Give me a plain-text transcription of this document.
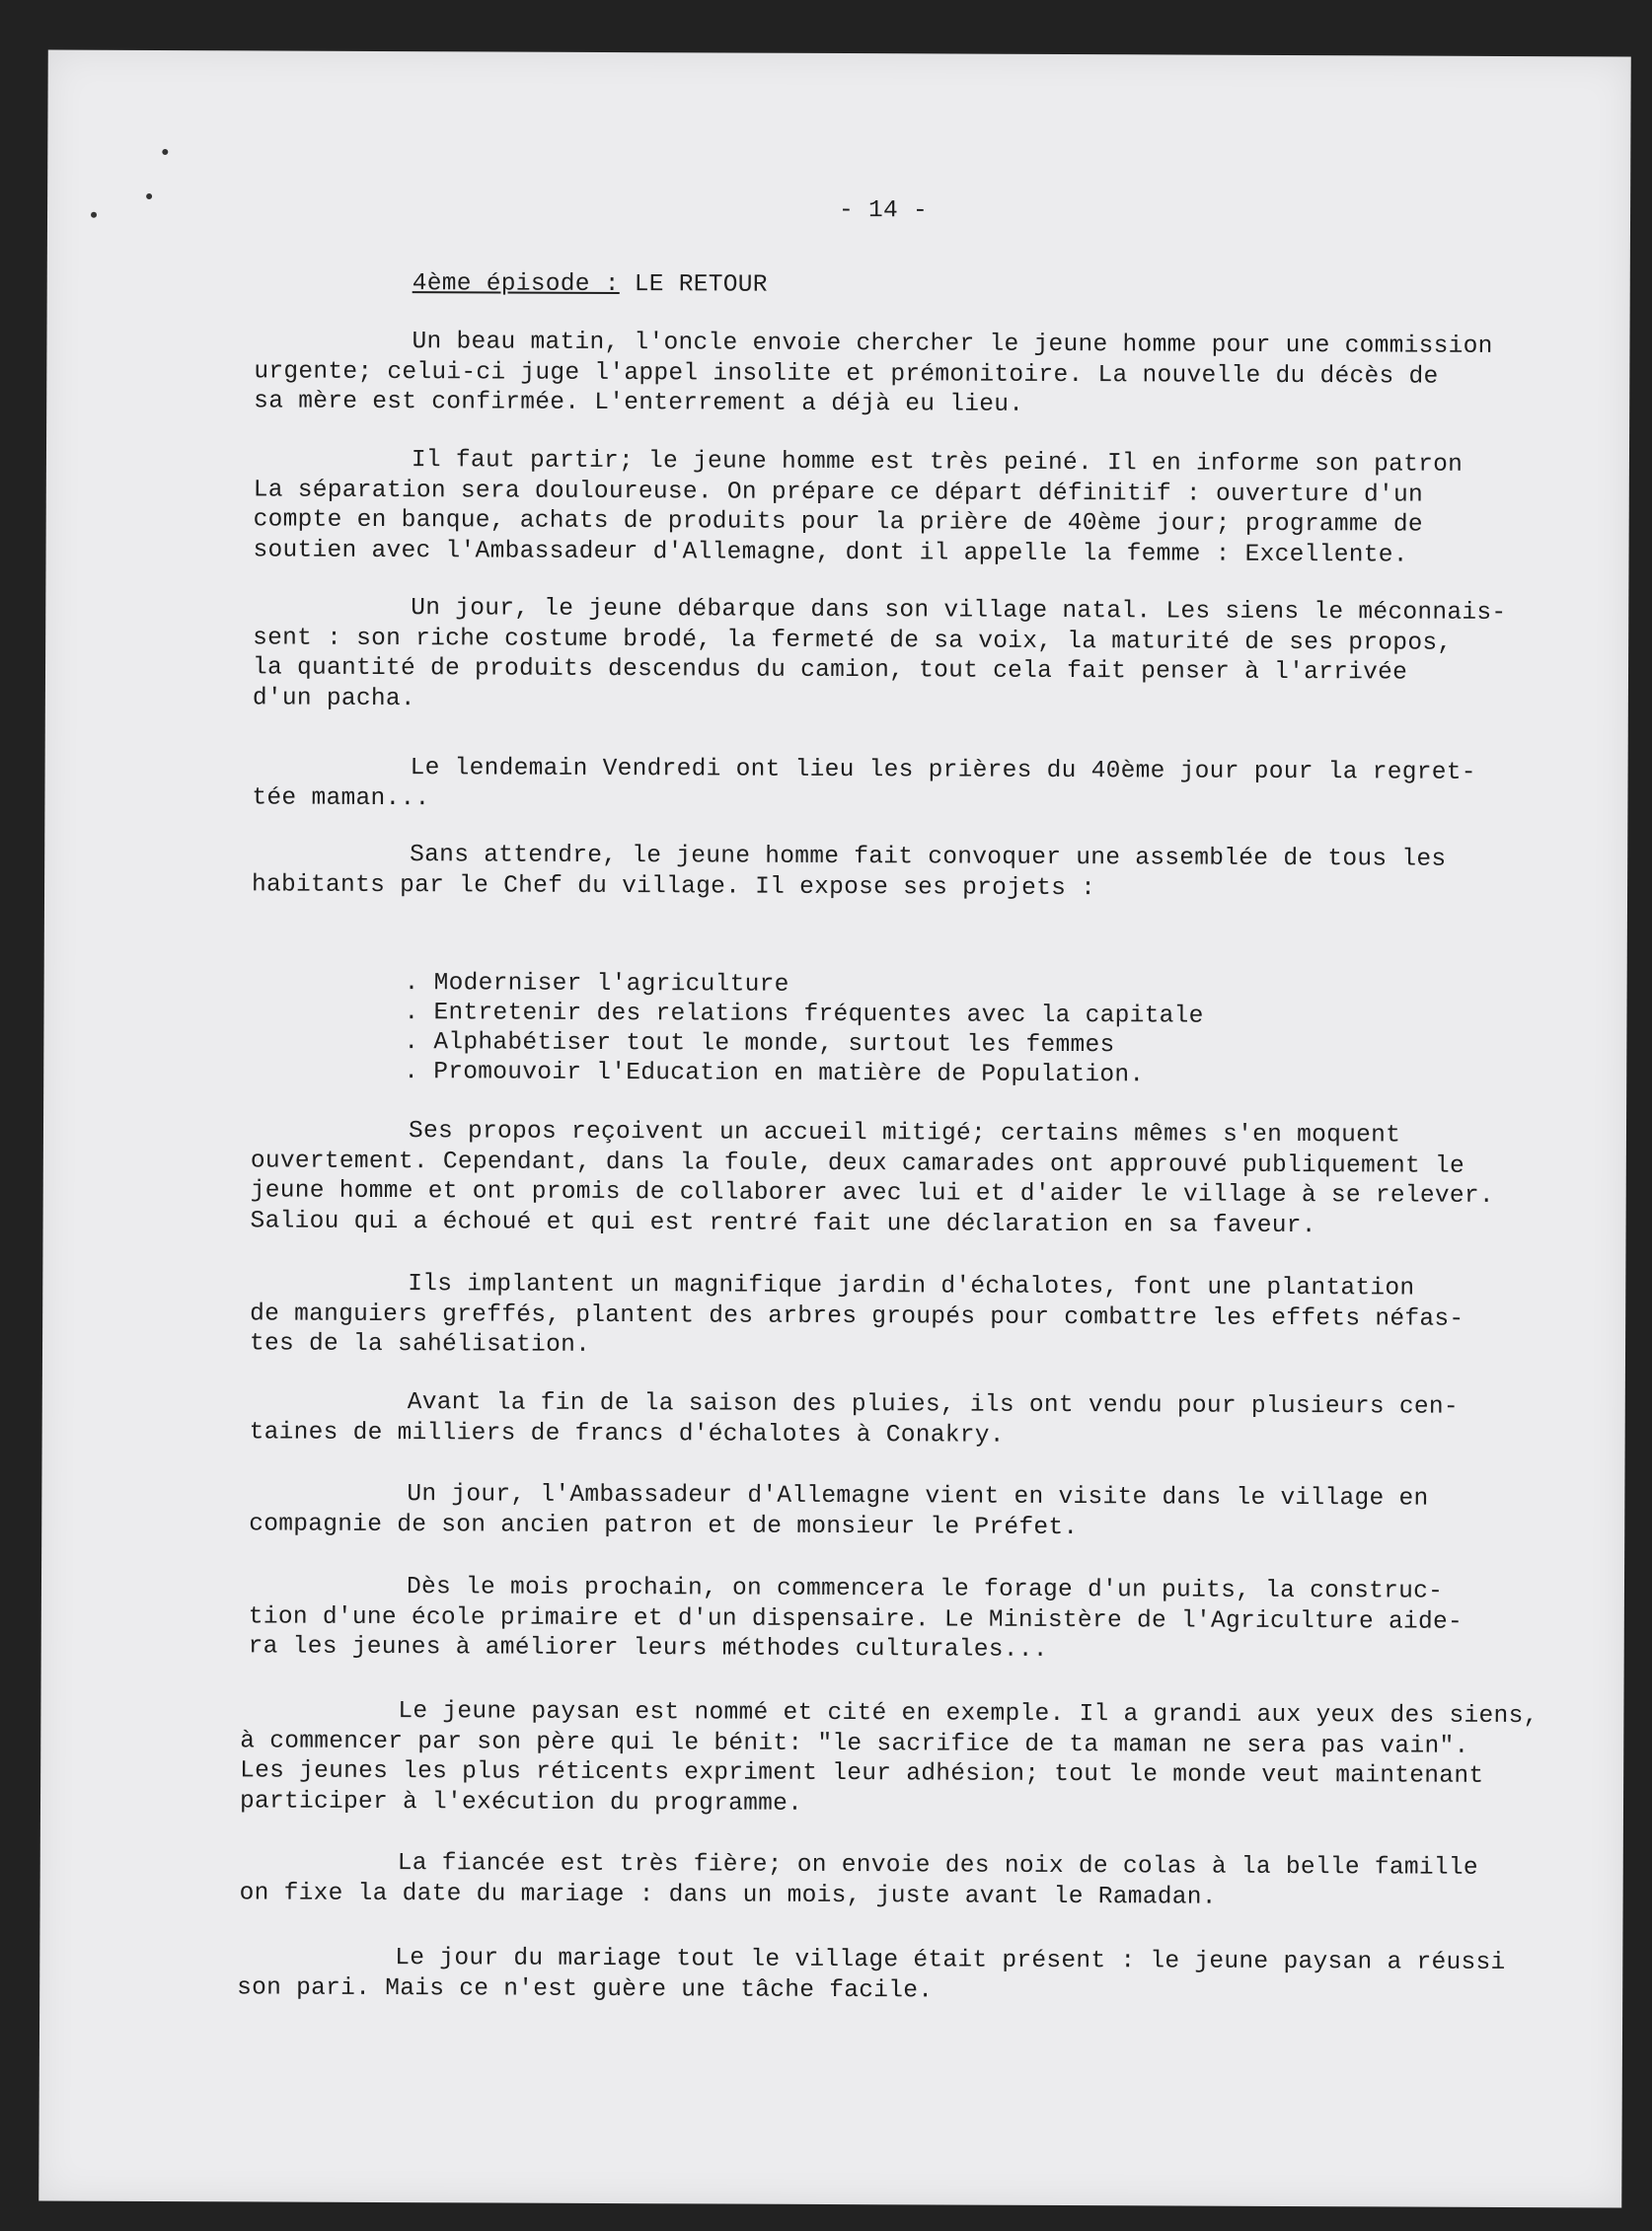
- 14 -
4ème épisode : LE RETOUR
Un beau matin, l'oncle envoie chercher le jeune homme pour une commission
urgente; celui-ci juge l'appel insolite et prémonitoire. La nouvelle du décès de
sa mère est confirmée. L'enterrement a déjà eu lieu.
Il faut partir; le jeune homme est très peiné. Il en informe son patron
La séparation sera douloureuse. On prépare ce départ définitif : ouverture d'un
compte en banque, achats de produits pour la prière de 40ème jour; programme de
soutien avec l'Ambassadeur d'Allemagne, dont il appelle la femme : Excellente.
Un jour, le jeune débarque dans son village natal. Les siens le méconnais-
sent : son riche costume brodé, la fermeté de sa voix, la maturité de ses propos,
la quantité de produits descendus du camion, tout cela fait penser à l'arrivée
d'un pacha.
Le lendemain Vendredi ont lieu les prières du 40ème jour pour la regret-
tée maman...
Sans attendre, le jeune homme fait convoquer une assemblée de tous les
habitants par le Chef du village. Il expose ses projets :
. Moderniser l'agriculture
. Entretenir des relations fréquentes avec la capitale
. Alphabétiser tout le monde, surtout les femmes
. Promouvoir l'Education en matière de Population.
Ses propos reçoivent un accueil mitigé; certains mêmes s'en moquent
ouvertement. Cependant, dans la foule, deux camarades ont approuvé publiquement le
jeune homme et ont promis de collaborer avec lui et d'aider le village à se relever.
Saliou qui a échoué et qui est rentré fait une déclaration en sa faveur.
Ils implantent un magnifique jardin d'échalotes, font une plantation
de manguiers greffés, plantent des arbres groupés pour combattre les effets néfas-
tes de la sahélisation.
Avant la fin de la saison des pluies, ils ont vendu pour plusieurs cen-
taines de milliers de francs d'échalotes à Conakry.
Un jour, l'Ambassadeur d'Allemagne vient en visite dans le village en
compagnie de son ancien patron et de monsieur le Préfet.
Dès le mois prochain, on commencera le forage d'un puits, la construc-
tion d'une école primaire et d'un dispensaire. Le Ministère de l'Agriculture aide-
ra les jeunes à améliorer leurs méthodes culturales...
Le jeune paysan est nommé et cité en exemple. Il a grandi aux yeux des siens,
à commencer par son père qui le bénit: "le sacrifice de ta maman ne sera pas vain".
Les jeunes les plus réticents expriment leur adhésion; tout le monde veut maintenant
participer à l'exécution du programme.
La fiancée est très fière; on envoie des noix de colas à la belle famille
on fixe la date du mariage : dans un mois, juste avant le Ramadan.
Le jour du mariage tout le village était présent : le jeune paysan a réussi
son pari. Mais ce n'est guère une tâche facile.
